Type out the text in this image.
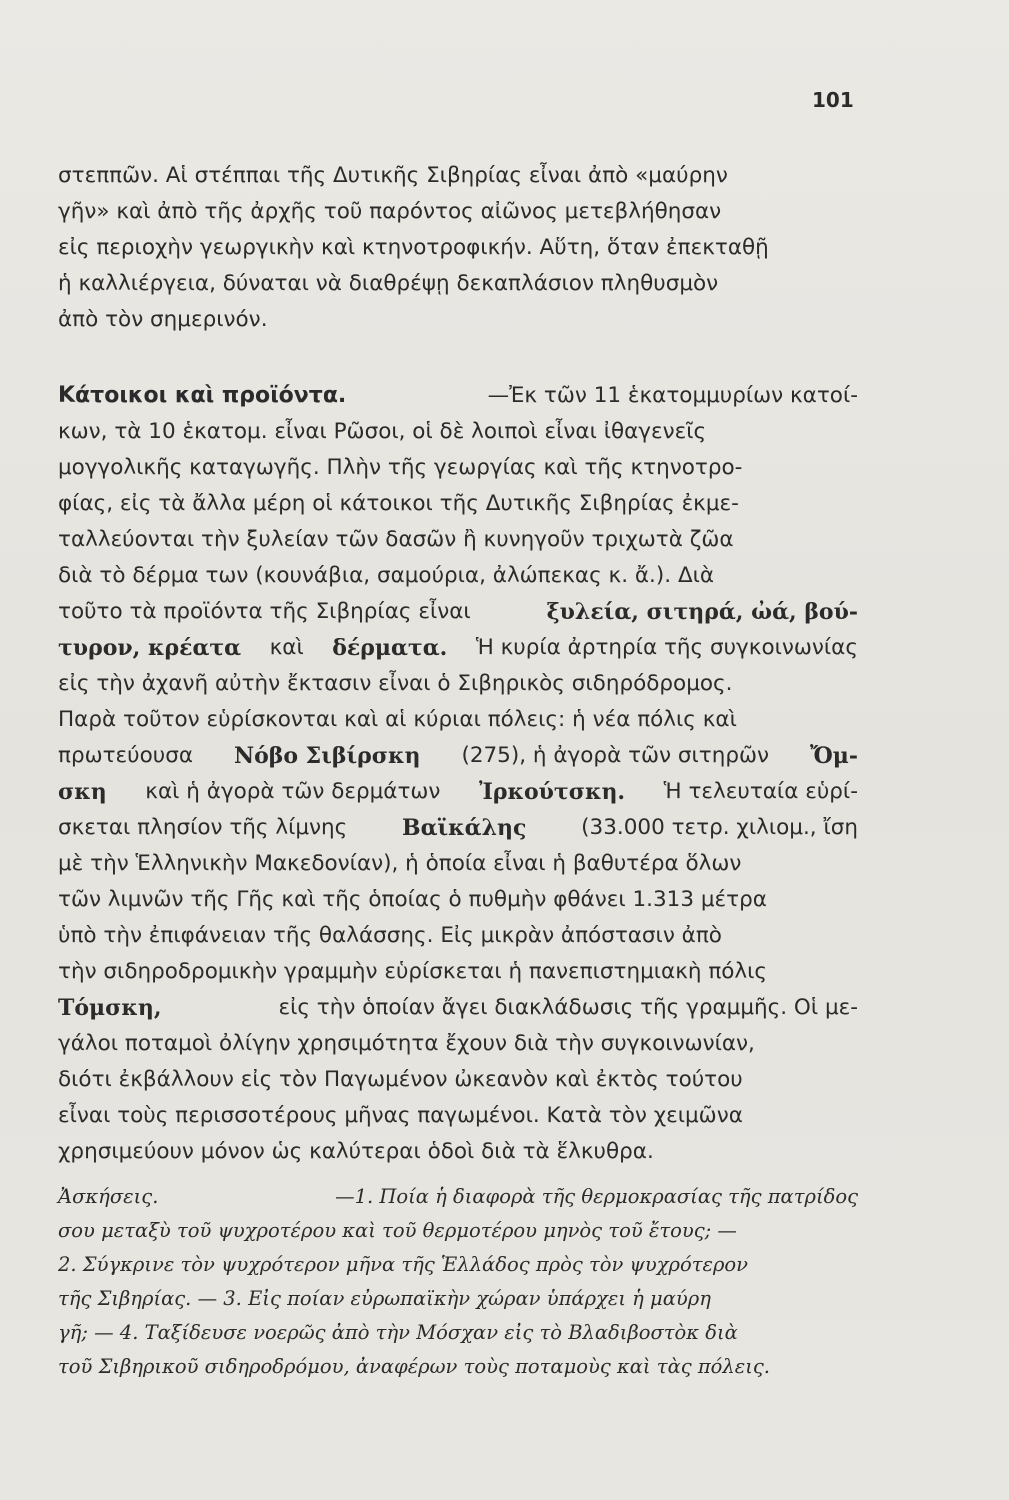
101
στεππῶν. Αἱ στέππαι τῆς Δυτικῆς Σιβηρίας εἶναι ἀπὸ «μαύρην
γῆν» καὶ ἀπὸ τῆς ἀρχῆς τοῦ παρόντος αἰῶνος μετεβλήθησαν
εἰς περιοχὴν γεωργικὴν καὶ κτηνοτροφικήν. Αὕτη, ὅταν ἐπεκταθῇ
ἡ καλλιέργεια, δύναται νὰ διαθρέψῃ δεκαπλάσιον πληθυσμὸν
ἀπὸ τὸν σημερινόν.
Κάτοικοι καὶ προϊόντα.	—Ἐκ τῶν 11 ἑκατομμυρίων κατοί-
κων, τὰ 10 ἑκατομ. εἶναι Ρῶσοι, οἱ δὲ λοιποὶ εἶναι ἰθαγενεῖς
μογγολικῆς καταγωγῆς. Πλὴν τῆς γεωργίας καὶ τῆς κτηνοτρο-
φίας, εἰς τὰ ἄλλα μέρη οἱ κάτοικοι τῆς Δυτικῆς Σιβηρίας ἐκμε-
ταλλεύονται τὴν ξυλείαν τῶν δασῶν ἢ κυνηγοῦν τριχωτὰ ζῶα
διὰ τὸ δέρμα των (κουνάβια, σαμούρια, ἀλώπεκας κ. ἄ.). Διὰ
τοῦτο τὰ προϊόντα τῆς Σιβηρίας εἶναι	ξυλεία, σιτηρά, ὠά, βού-
τυρον, κρέατα καὶ δέρματα. Ἡ κυρία ἀρτηρία τῆς συγκοινωνίας
εἰς τὴν ἀχανῆ αὐτὴν ἔκτασιν εἶναι ὁ Σιβηρικὸς σιδηρόδρομος.
Παρὰ τοῦτον εὑρίσκονται καὶ αἱ κύριαι πόλεις: ἡ νέα πόλις καὶ
πρωτεύουσα Νόβο Σιβίρσκη (275), ἡ ἀγορὰ τῶν σιτηρῶν Ὄμ-
σκη καὶ ἡ ἀγορὰ τῶν δερμάτων Ἰρκούτσκη. Ἡ τελευταία εὑρί-
σκεται πλησίον τῆς λίμνης Βαϊκάλης	(33.000 τετρ. χιλιομ., ἴση
μὲ τὴν Ἑλληνικὴν Μακεδονίαν), ἡ ὁποία εἶναι ἡ βαθυτέρα ὅλων
τῶν λιμνῶν τῆς Γῆς καὶ τῆς ὁποίας ὁ πυθμὴν φθάνει 1.313 μέτρα
ὑπὸ τὴν ἐπιφάνειαν τῆς θαλάσσης. Εἰς μικρὰν ἀπόστασιν ἀπὸ
τὴν σιδηροδρομικὴν γραμμὴν εὑρίσκεται ἡ πανεπιστημιακὴ πόλις
Τόμσκη,	εἰς τὴν ὁποίαν ἄγει διακλάδωσις τῆς γραμμῆς. Οἱ με-
γάλοι ποταμοὶ ὀλίγην χρησιμότητα ἔχουν διὰ τὴν συγκοινωνίαν,
διότι ἐκβάλλουν εἰς τὸν Παγωμένον ὠκεανὸν καὶ ἐκτὸς τούτου
εἶναι τοὺς περισσοτέρους μῆνας παγωμένοι. Κατὰ τὸν χειμῶνα
χρησιμεύουν μόνον ὡς καλύτεραι ὁδοὶ διὰ τὰ ἕλκυθρα.
Ἀσκήσεις.	—1. Ποία ἡ διαφορὰ τῆς θερμοκρασίας τῆς πατρίδος
σου μεταξὺ τοῦ ψυχροτέρου καὶ τοῦ θερμοτέρου μηνὸς τοῦ ἔτους; —
2. Σύγκρινε τὸν ψυχρότερον μῆνα τῆς Ἑλλάδος πρὸς τὸν ψυχρότερον
τῆς Σιβηρίας. — 3. Εἰς ποίαν εὐρωπαϊκὴν χώραν ὑπάρχει ἡ μαύρη
γῆ; — 4. Ταξίδευσε νοερῶς ἀπὸ τὴν Μόσχαν εἰς τὸ Βλαδιβοστὸκ διὰ
τοῦ Σιβηρικοῦ σιδηροδρόμου, ἀναφέρων τοὺς ποταμοὺς καὶ τὰς πόλεις.
